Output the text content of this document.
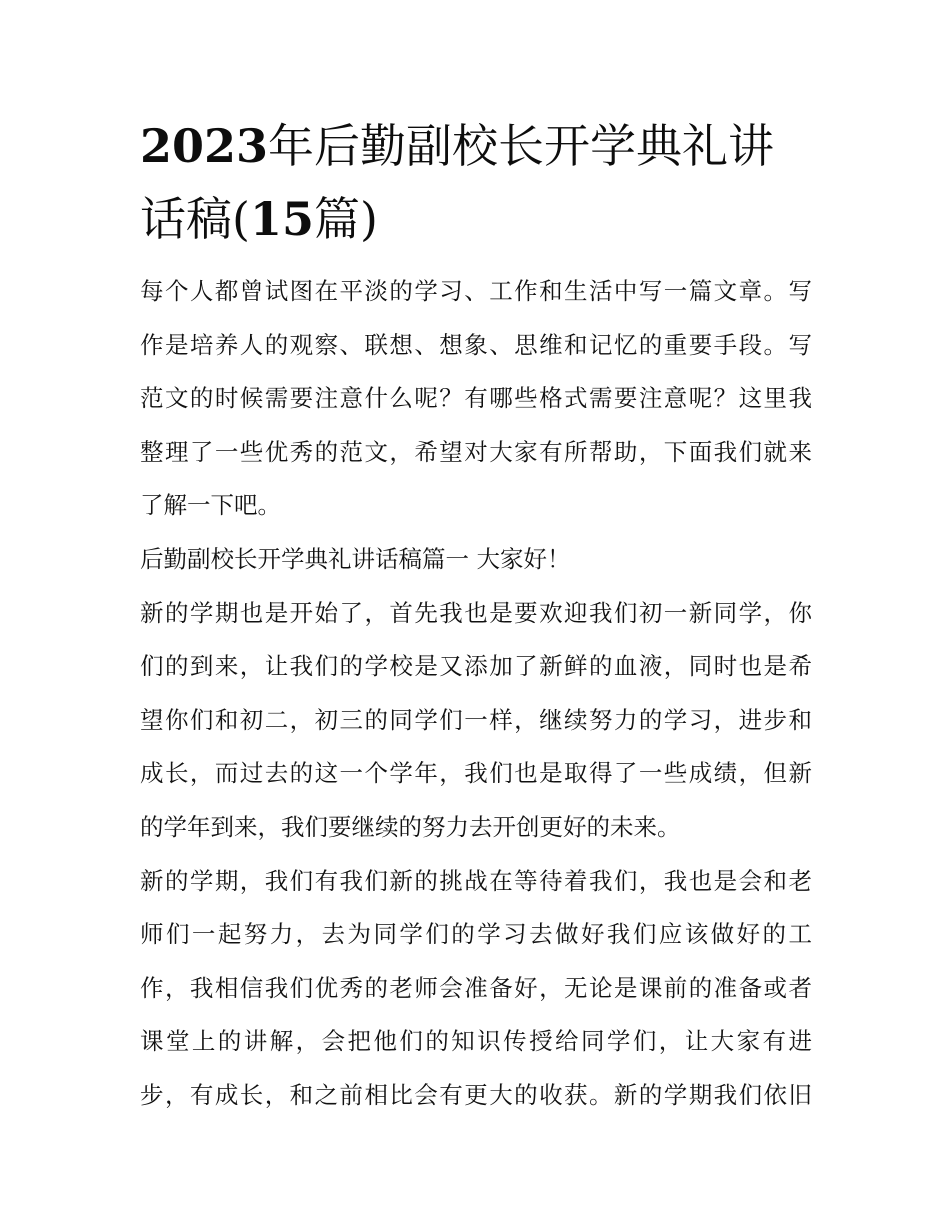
2023年后勤副校长开学典礼讲
话稿(15篇)

每个人都曾试图在平淡的学习、工作和生活中写一篇文章。写
作是培养人的观察、联想、想象、思维和记忆的重要手段。写
范文的时候需要注意什么呢？有哪些格式需要注意呢？这里我
整理了一些优秀的范文，希望对大家有所帮助，下面我们就来
了解一下吧。

后勤副校长开学典礼讲话稿篇一 大家好！

新的学期也是开始了，首先我也是要欢迎我们初一新同学，你
们的到来，让我们的学校是又添加了新鲜的血液，同时也是希
望你们和初二，初三的同学们一样，继续努力的学习，进步和
成长，而过去的这一个学年，我们也是取得了一些成绩，但新
的学年到来，我们要继续的努力去开创更好的未来。

新的学期，我们有我们新的挑战在等待着我们，我也是会和老
师们一起努力，去为同学们的学习去做好我们应该做好的工
作，我相信我们优秀的老师会准备好，无论是课前的准备或者
课堂上的讲解，会把他们的知识传授给同学们，让大家有进
步，有成长，和之前相比会有更大的收获。新的学期我们依旧
